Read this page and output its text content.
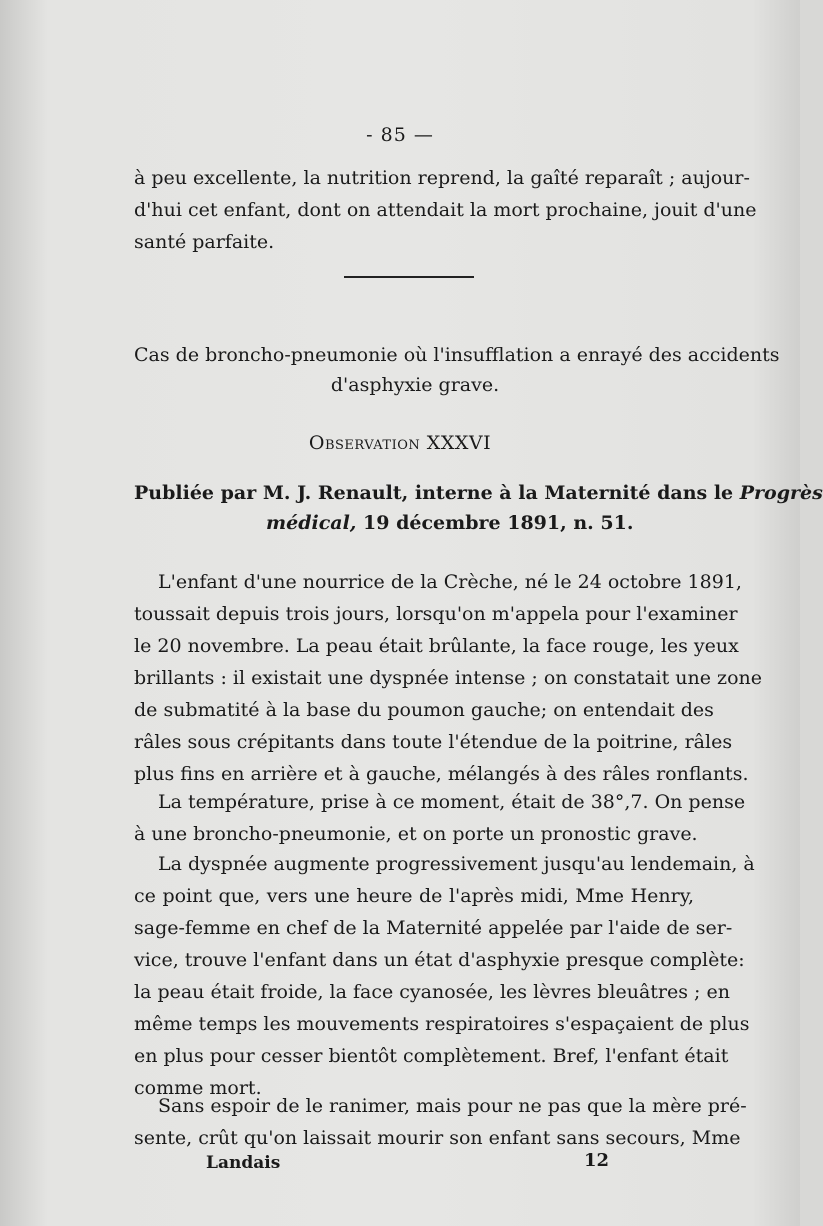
- 85 —
à peu excellente, la nutrition reprend, la gaîté reparaît ; aujour-
d'hui cet enfant, dont on attendait la mort prochaine, jouit d'une
santé parfaite.
Cas de broncho-pneumonie où l'insufflation a enrayé des accidents
d'asphyxie grave.
Observation XXXVI
Publiée par M. J. Renault, interne à la Maternité dans le Progrès
médical, 19 décembre 1891, n. 51.
L'enfant d'une nourrice de la Crèche, né le 24 octobre 1891,
toussait depuis trois jours, lorsqu'on m'appela pour l'examiner
le 20 novembre. La peau était brûlante, la face rouge, les yeux
brillants : il existait une dyspnée intense ; on constatait une zone
de submatité à la base du poumon gauche; on entendait des
râles sous crépitants dans toute l'étendue de la poitrine, râles
plus fins en arrière et à gauche, mélangés à des râles ronflants.
La température, prise à ce moment, était de 38°,7. On pense
à une broncho-pneumonie, et on porte un pronostic grave.
La dyspnée augmente progressivement jusqu'au lendemain, à
ce point que, vers une heure de l'après midi, Mme Henry,
sage-femme en chef de la Maternité appelée par l'aide de ser-
vice, trouve l'enfant dans un état d'asphyxie presque complète:
la peau était froide, la face cyanosée, les lèvres bleuâtres ; en
même temps les mouvements respiratoires s'espaçaient de plus
en plus pour cesser bientôt complètement. Bref, l'enfant était
comme mort.
Sans espoir de le ranimer, mais pour ne pas que la mère pré-
sente, crût qu'on laissait mourir son enfant sans secours, Mme
Landais	12
